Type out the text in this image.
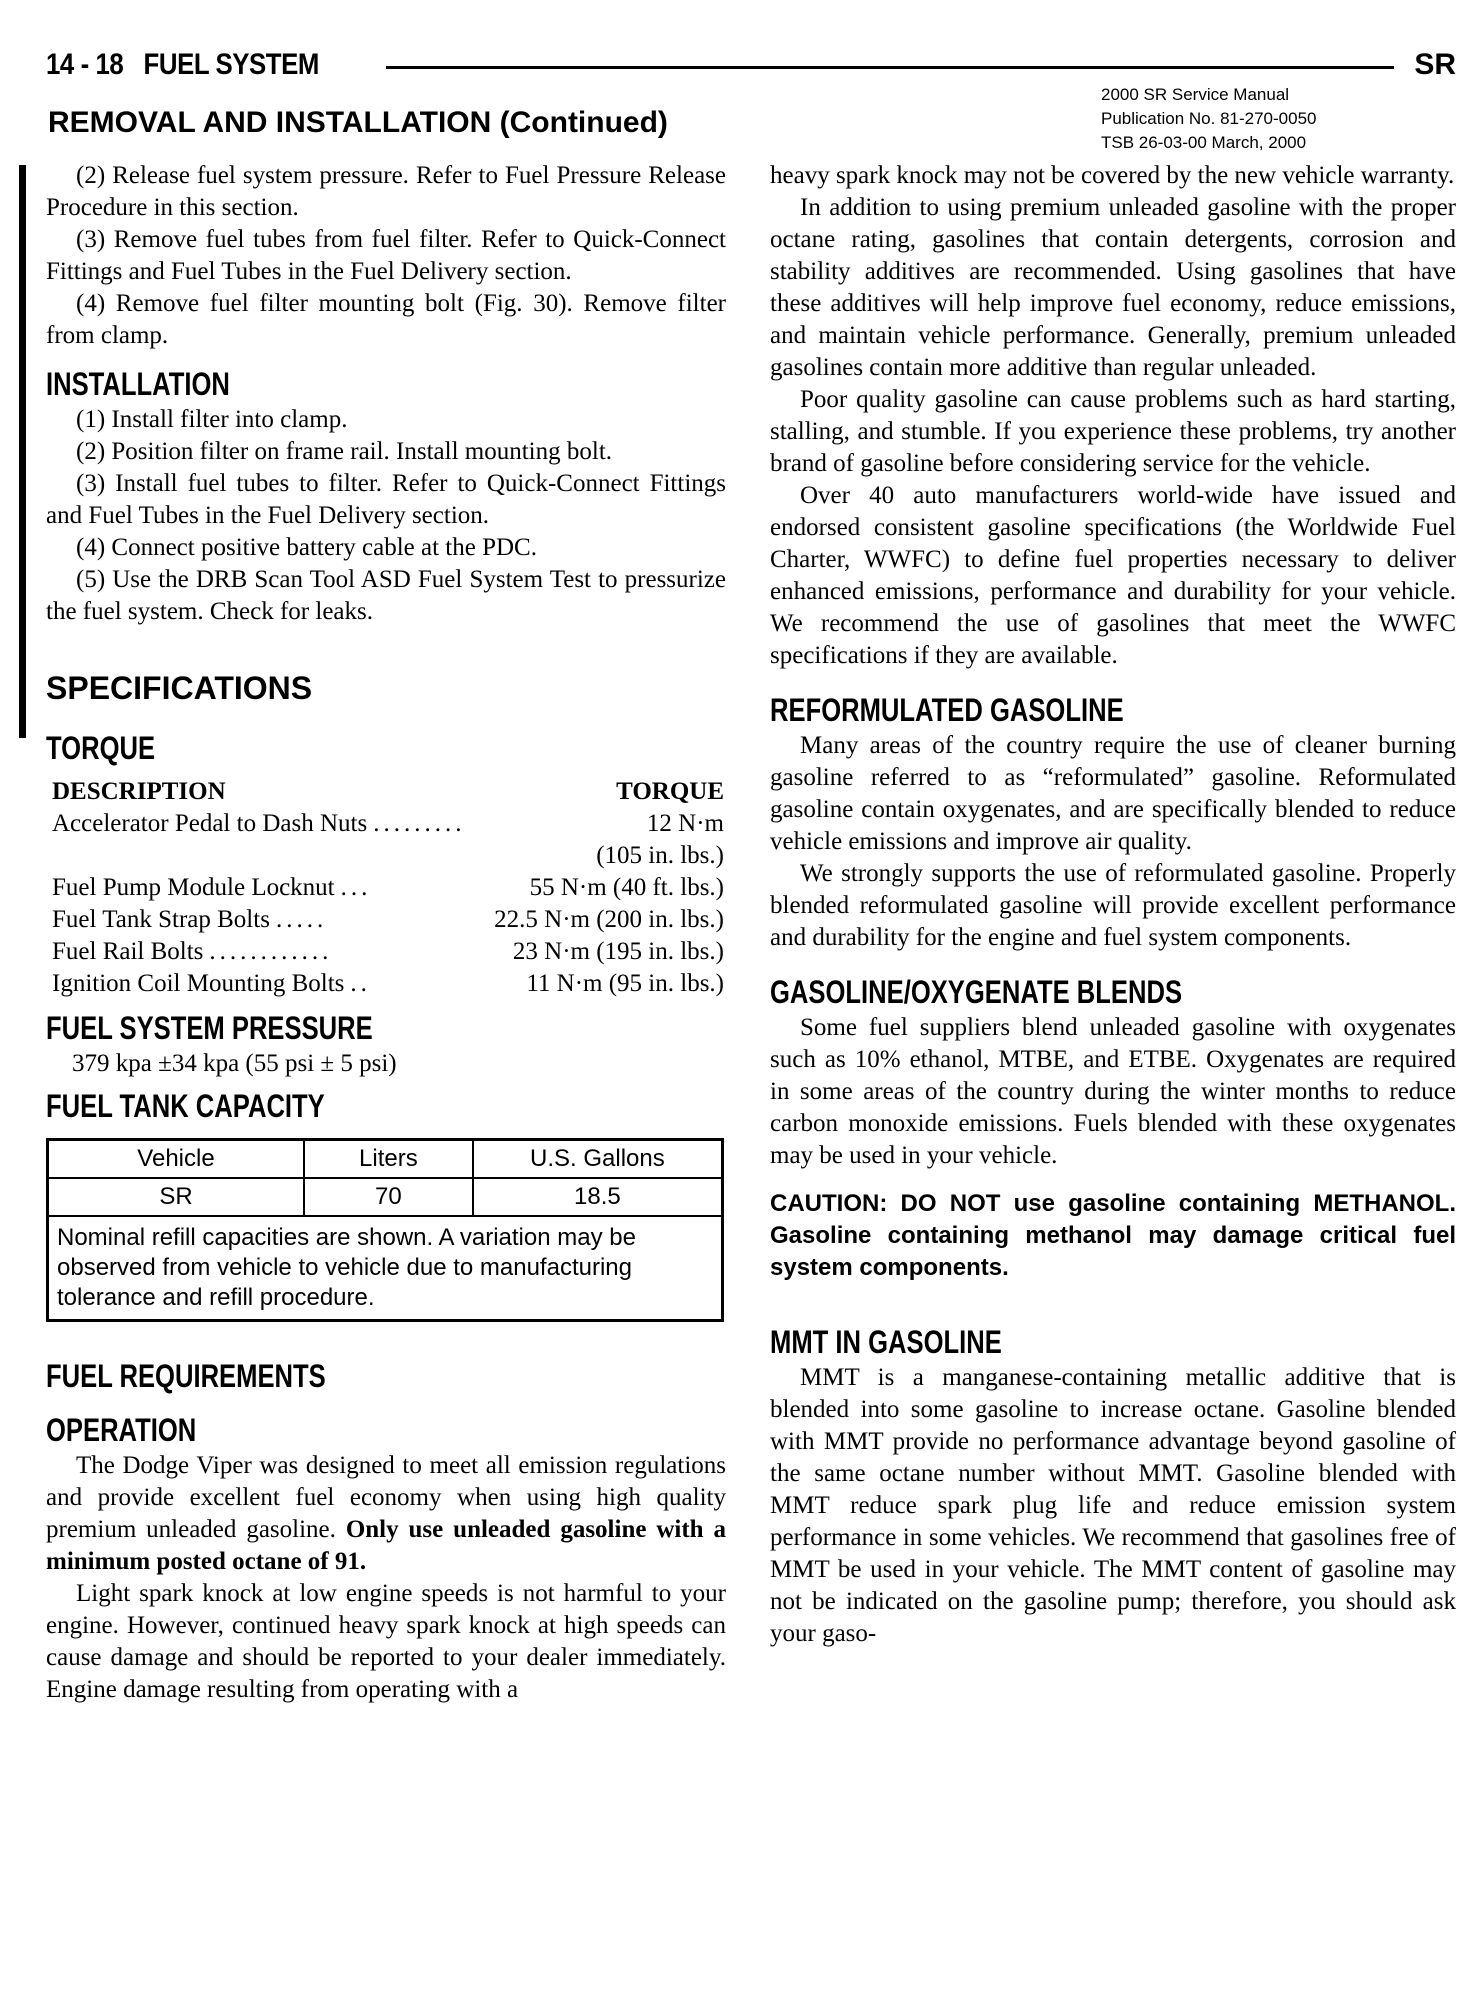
14 - 18 FUEL SYSTEM	SR
2000 SR Service Manual
Publication No. 81-270-0050
TSB 26-03-00 March, 2000
REMOVAL AND INSTALLATION (Continued)

(2) Release fuel system pressure. Refer to Fuel Pressure Release Procedure in this section.

(3) Remove fuel tubes from fuel filter. Refer to Quick-Connect Fittings and Fuel Tubes in the Fuel Delivery section.

(4) Remove fuel filter mounting bolt (Fig. 30). Remove filter from clamp.

INSTALLATION

(1) Install filter into clamp.

(2) Position filter on frame rail. Install mounting bolt.

(3) Install fuel tubes to filter. Refer to Quick-Connect Fittings and Fuel Tubes in the Fuel Delivery section.

(4) Connect positive battery cable at the PDC.

(5) Use the DRB Scan Tool ASD Fuel System Test to pressurize the fuel system. Check for leaks.

SPECIFICATIONS
TORQUE
DESCRIPTION	TORQUE
Accelerator Pedal to Dash Nuts .........	12 N·m
(105 in. lbs.)
Fuel Pump Module Locknut ...	55 N·m (40 ft. lbs.)
Fuel Tank Strap Bolts .....	22.5 N·m (200 in. lbs.)
Fuel Rail Bolts ............	23 N·m (195 in. lbs.)
Ignition Coil Mounting Bolts ..	11 N·m (95 in. lbs.)
FUEL SYSTEM PRESSURE

379 kpa ±34 kpa (55 psi ± 5 psi)

FUEL TANK CAPACITY
Vehicle	Liters	U.S. Gallons
SR	70	18.5
Nominal refill capacities are shown. A variation may be observed from vehicle to vehicle due to manufacturing tolerance and refill procedure.		
FUEL REQUIREMENTS
OPERATION

The Dodge Viper was designed to meet all emission regulations and provide excellent fuel economy when using high quality premium unleaded gasoline. Only use unleaded gasoline with a minimum posted octane of 91.

Light spark knock at low engine speeds is not harmful to your engine. However, continued heavy spark knock at high speeds can cause damage and should be reported to your dealer immediately. Engine damage resulting from operating with a

heavy spark knock may not be covered by the new vehicle warranty.

In addition to using premium unleaded gasoline with the proper octane rating, gasolines that contain detergents, corrosion and stability additives are recommended. Using gasolines that have these additives will help improve fuel economy, reduce emissions, and maintain vehicle performance. Generally, premium unleaded gasolines contain more additive than regular unleaded.

Poor quality gasoline can cause problems such as hard starting, stalling, and stumble. If you experience these problems, try another brand of gasoline before considering service for the vehicle.

Over 40 auto manufacturers world-wide have issued and endorsed consistent gasoline specifications (the Worldwide Fuel Charter, WWFC) to define fuel properties necessary to deliver enhanced emissions, performance and durability for your vehicle. We recommend the use of gasolines that meet the WWFC specifications if they are available.

REFORMULATED GASOLINE

Many areas of the country require the use of cleaner burning gasoline referred to as “reformulated” gasoline. Reformulated gasoline contain oxygenates, and are specifically blended to reduce vehicle emissions and improve air quality.

We strongly supports the use of reformulated gasoline. Properly blended reformulated gasoline will provide excellent performance and durability for the engine and fuel system components.

GASOLINE/OXYGENATE BLENDS

Some fuel suppliers blend unleaded gasoline with oxygenates such as 10% ethanol, MTBE, and ETBE. Oxygenates are required in some areas of the country during the winter months to reduce carbon monoxide emissions. Fuels blended with these oxygenates may be used in your vehicle.

CAUTION: DO NOT use gasoline containing METHANOL. Gasoline containing methanol may damage critical fuel system components.

MMT IN GASOLINE

MMT is a manganese-containing metallic additive that is blended into some gasoline to increase octane. Gasoline blended with MMT provide no performance advantage beyond gasoline of the same octane number without MMT. Gasoline blended with MMT reduce spark plug life and reduce emission system performance in some vehicles. We recommend that gasolines free of MMT be used in your vehicle. The MMT content of gasoline may not be indicated on the gasoline pump; therefore, you should ask your gaso-
